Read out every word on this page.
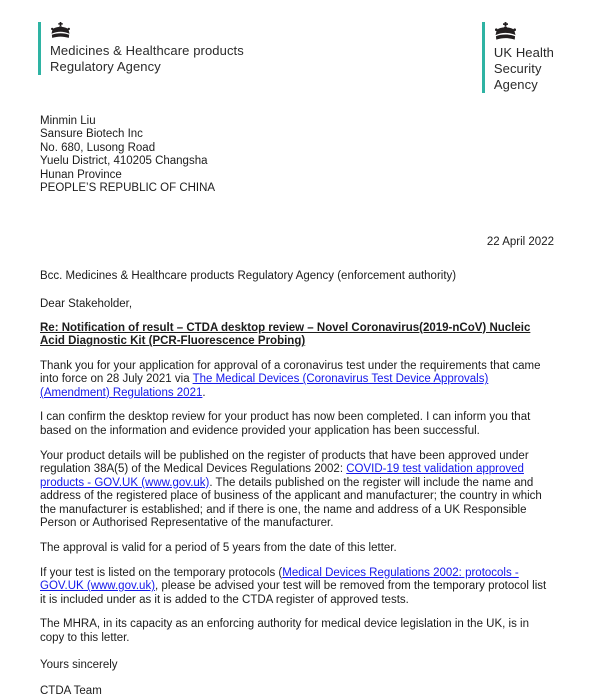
Medicines & Healthcare products
Regulatory Agency
UK Health
Security
Agency
Minmin Liu
Sansure Biotech Inc
No. 680, Lusong Road
Yuelu District, 410205 Changsha
Hunan Province
PEOPLE’S REPUBLIC OF CHINA
22 April 2022
Bcc. Medicines & Healthcare products Regulatory Agency (enforcement authority)
Dear Stakeholder,
Re: Notification of result – CTDA desktop review – Novel Coronavirus(2019-nCoV) Nucleic Acid Diagnostic Kit (PCR-Fluorescence Probing)

Thank you for your application for approval of a coronavirus test under the requirements that came into force on 28 July 2021 via The Medical Devices (Coronavirus Test Device Approvals) (Amendment) Regulations 2021.

I can confirm the desktop review for your product has now been completed. I can inform you that based on the information and evidence provided your application has been successful.

Your product details will be published on the register of products that have been approved under regulation 38A(5) of the Medical Devices Regulations 2002: COVID-19 test validation approved products - GOV.UK (www.gov.uk). The details published on the register will include the name and address of the registered place of business of the applicant and manufacturer; the country in which the manufacturer is established; and if there is one, the name and address of a UK Responsible Person or Authorised Representative of the manufacturer.

The approval is valid for a period of 5 years from the date of this letter.

If your test is listed on the temporary protocols (Medical Devices Regulations 2002: protocols - GOV.UK (www.gov.uk), please be advised your test will be removed from the temporary protocol list it is included under as it is added to the CTDA register of approved tests.

The MHRA, in its capacity as an enforcing authority for medical device legislation in the UK, is in copy to this letter.

Yours sincerely
CTDA Team
